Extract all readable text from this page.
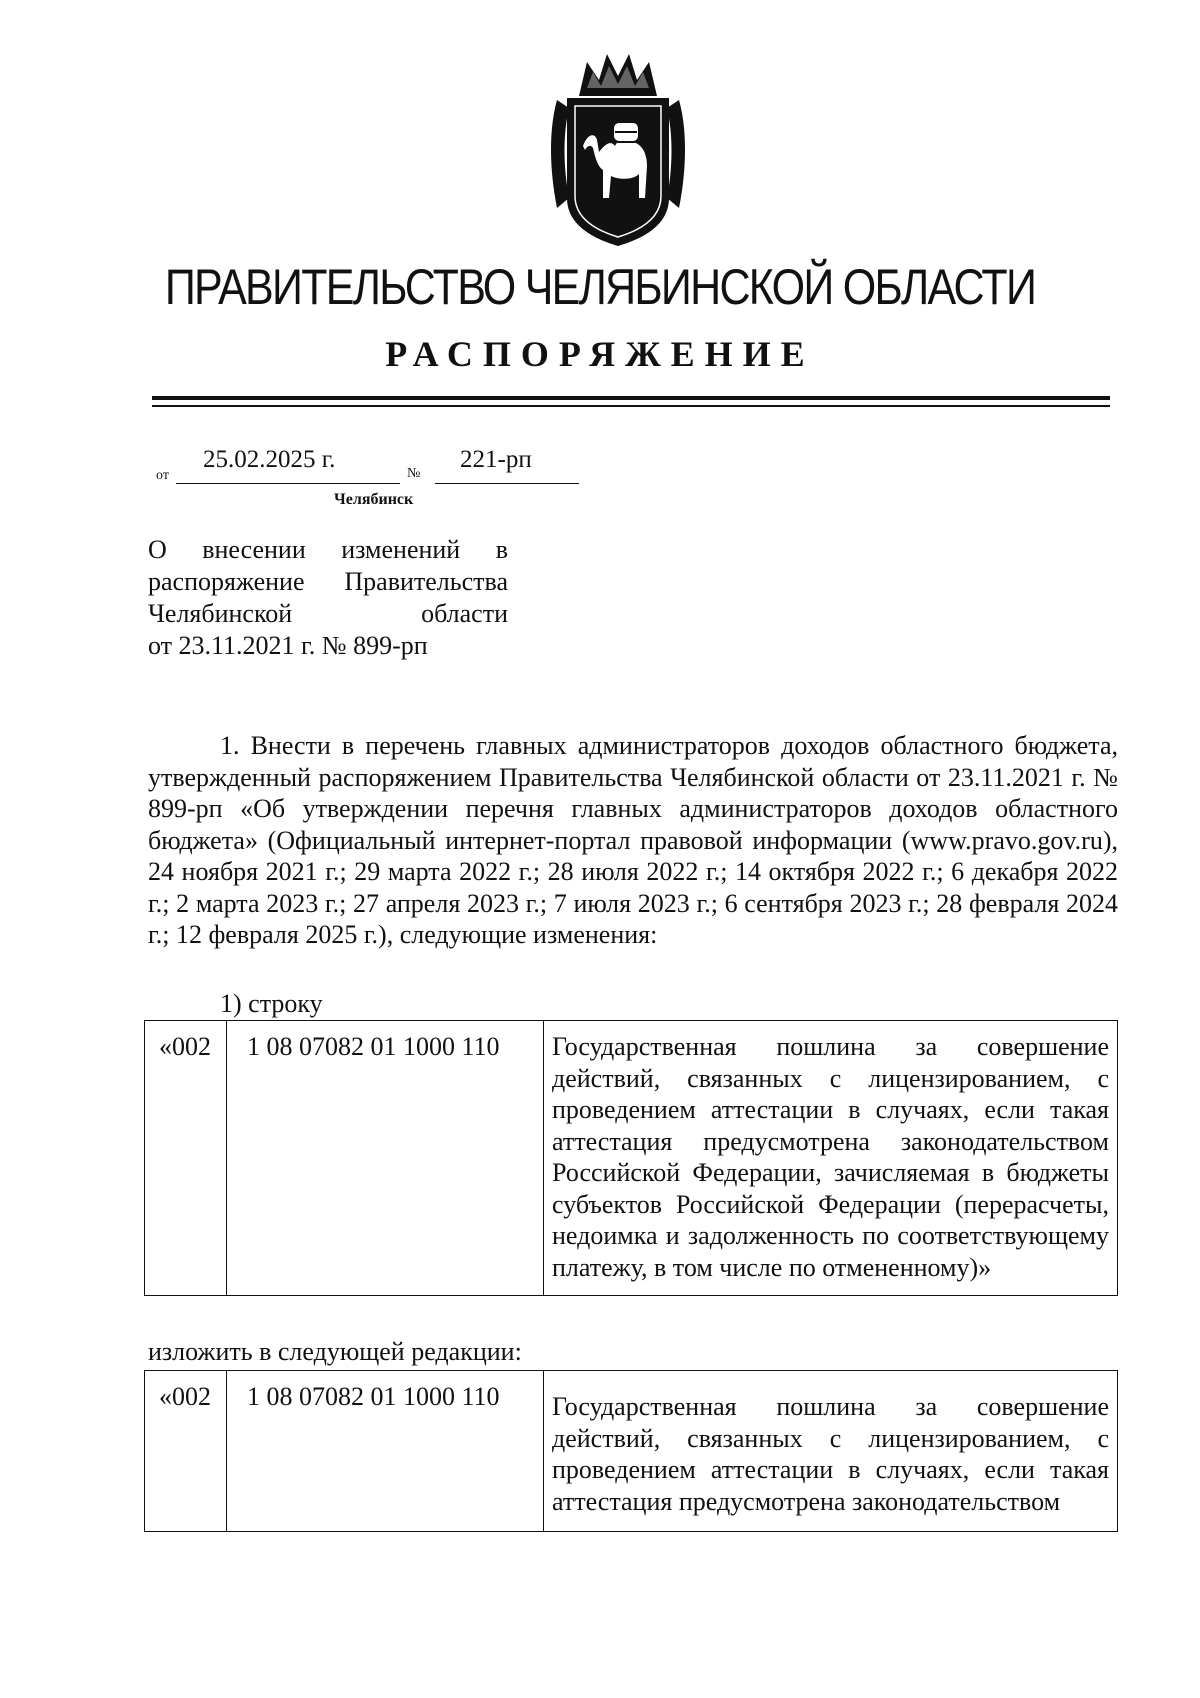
ПРАВИТЕЛЬСТВО ЧЕЛЯБИНСКОЙ ОБЛАСТИ
РАСПОРЯЖЕНИЕ
от
25.02.2025 г.
№
221-рп
Челябинск
О внесении изменений в
распоряжение Правительства
Челябинской	области
от 23.11.2021 г. № 899-рп
1. Внести в перечень главных администраторов доходов областного бюджета, утвержденный распоряжением Правительства Челябинской области от 23.11.2021 г. № 899-рп «Об утверждении перечня главных администраторов доходов областного бюджета» (Официальный интернет-портал правовой информации (www.pravo.gov.ru), 24 ноября 2021 г.; 29 марта 2022 г.; 28 июля 2022 г.; 14 октября 2022 г.; 6 декабря 2022 г.; 2 марта 2023 г.; 27 апреля 2023 г.; 7 июля 2023 г.; 6 сентября 2023 г.; 28 февраля 2024 г.; 12 февраля 2025 г.), следующие изменения:
1) строку
«002	1 08 07082 01 1000 110	Государственная пошлина за совершение действий, связанных с лицензированием, с проведением аттестации в случаях, если такая аттестация предусмотрена законодательством Российской Федерации, зачисляемая в бюджеты субъектов Российской Федерации (перерасчеты, недоимка и задолженность по соответствующему платежу, в том числе по отмененному)»
изложить в следующей редакции:
«002	1 08 07082 01 1000 110	Государственная пошлина за совершение действий, связанных с лицензированием, с проведением аттестации в случаях, если такая аттестация предусмотрена законодательством
